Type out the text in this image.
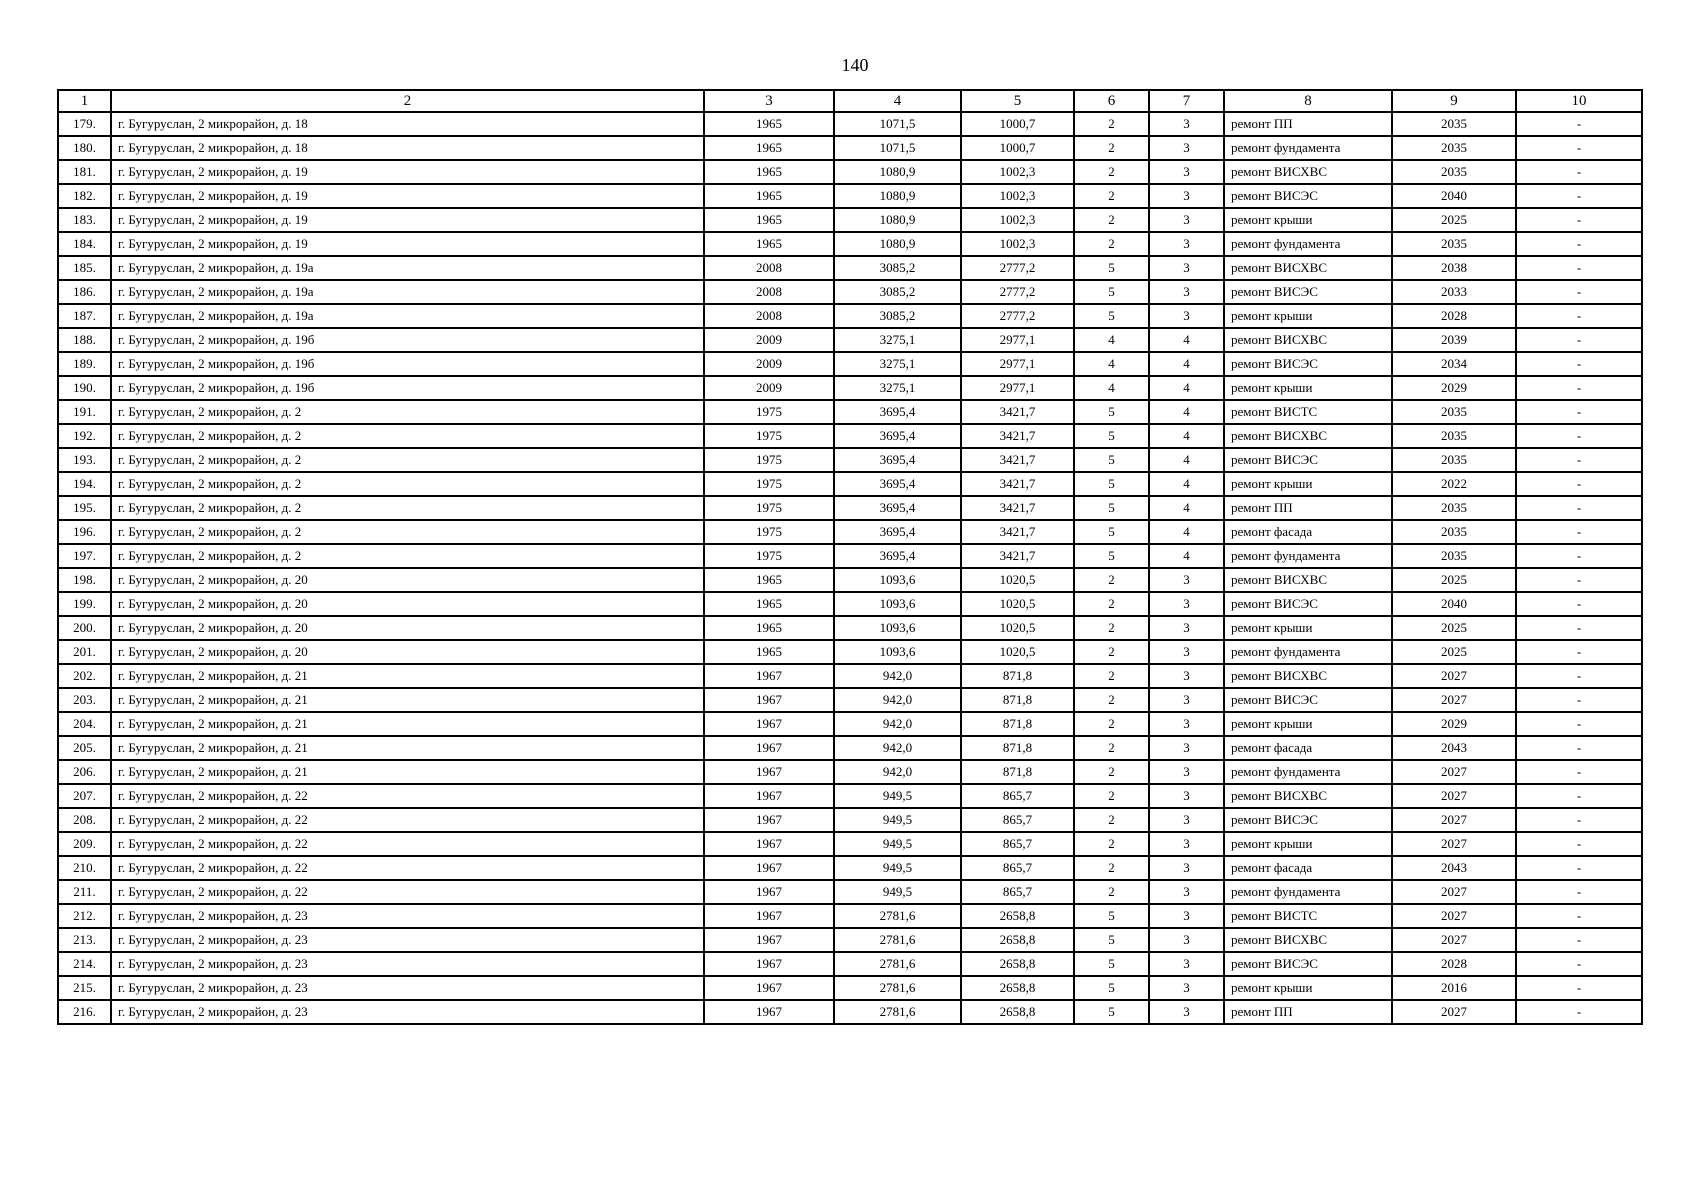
140
1	2	3	4	5	6	7	8	9	10
179.	г. Бугуруслан, 2 микрорайон, д. 18	1965	1071,5	1000,7	2	3	ремонт ПП	2035	-
180.	г. Бугуруслан, 2 микрорайон, д. 18	1965	1071,5	1000,7	2	3	ремонт фундамента	2035	-
181.	г. Бугуруслан, 2 микрорайон, д. 19	1965	1080,9	1002,3	2	3	ремонт ВИСХВС	2035	-
182.	г. Бугуруслан, 2 микрорайон, д. 19	1965	1080,9	1002,3	2	3	ремонт ВИСЭС	2040	-
183.	г. Бугуруслан, 2 микрорайон, д. 19	1965	1080,9	1002,3	2	3	ремонт крыши	2025	-
184.	г. Бугуруслан, 2 микрорайон, д. 19	1965	1080,9	1002,3	2	3	ремонт фундамента	2035	-
185.	г. Бугуруслан, 2 микрорайон, д. 19а	2008	3085,2	2777,2	5	3	ремонт ВИСХВС	2038	-
186.	г. Бугуруслан, 2 микрорайон, д. 19а	2008	3085,2	2777,2	5	3	ремонт ВИСЭС	2033	-
187.	г. Бугуруслан, 2 микрорайон, д. 19а	2008	3085,2	2777,2	5	3	ремонт крыши	2028	-
188.	г. Бугуруслан, 2 микрорайон, д. 19б	2009	3275,1	2977,1	4	4	ремонт ВИСХВС	2039	-
189.	г. Бугуруслан, 2 микрорайон, д. 19б	2009	3275,1	2977,1	4	4	ремонт ВИСЭС	2034	-
190.	г. Бугуруслан, 2 микрорайон, д. 19б	2009	3275,1	2977,1	4	4	ремонт крыши	2029	-
191.	г. Бугуруслан, 2 микрорайон, д. 2	1975	3695,4	3421,7	5	4	ремонт ВИСТС	2035	-
192.	г. Бугуруслан, 2 микрорайон, д. 2	1975	3695,4	3421,7	5	4	ремонт ВИСХВС	2035	-
193.	г. Бугуруслан, 2 микрорайон, д. 2	1975	3695,4	3421,7	5	4	ремонт ВИСЭС	2035	-
194.	г. Бугуруслан, 2 микрорайон, д. 2	1975	3695,4	3421,7	5	4	ремонт крыши	2022	-
195.	г. Бугуруслан, 2 микрорайон, д. 2	1975	3695,4	3421,7	5	4	ремонт ПП	2035	-
196.	г. Бугуруслан, 2 микрорайон, д. 2	1975	3695,4	3421,7	5	4	ремонт фасада	2035	-
197.	г. Бугуруслан, 2 микрорайон, д. 2	1975	3695,4	3421,7	5	4	ремонт фундамента	2035	-
198.	г. Бугуруслан, 2 микрорайон, д. 20	1965	1093,6	1020,5	2	3	ремонт ВИСХВС	2025	-
199.	г. Бугуруслан, 2 микрорайон, д. 20	1965	1093,6	1020,5	2	3	ремонт ВИСЭС	2040	-
200.	г. Бугуруслан, 2 микрорайон, д. 20	1965	1093,6	1020,5	2	3	ремонт крыши	2025	-
201.	г. Бугуруслан, 2 микрорайон, д. 20	1965	1093,6	1020,5	2	3	ремонт фундамента	2025	-
202.	г. Бугуруслан, 2 микрорайон, д. 21	1967	942,0	871,8	2	3	ремонт ВИСХВС	2027	-
203.	г. Бугуруслан, 2 микрорайон, д. 21	1967	942,0	871,8	2	3	ремонт ВИСЭС	2027	-
204.	г. Бугуруслан, 2 микрорайон, д. 21	1967	942,0	871,8	2	3	ремонт крыши	2029	-
205.	г. Бугуруслан, 2 микрорайон, д. 21	1967	942,0	871,8	2	3	ремонт фасада	2043	-
206.	г. Бугуруслан, 2 микрорайон, д. 21	1967	942,0	871,8	2	3	ремонт фундамента	2027	-
207.	г. Бугуруслан, 2 микрорайон, д. 22	1967	949,5	865,7	2	3	ремонт ВИСХВС	2027	-
208.	г. Бугуруслан, 2 микрорайон, д. 22	1967	949,5	865,7	2	3	ремонт ВИСЭС	2027	-
209.	г. Бугуруслан, 2 микрорайон, д. 22	1967	949,5	865,7	2	3	ремонт крыши	2027	-
210.	г. Бугуруслан, 2 микрорайон, д. 22	1967	949,5	865,7	2	3	ремонт фасада	2043	-
211.	г. Бугуруслан, 2 микрорайон, д. 22	1967	949,5	865,7	2	3	ремонт фундамента	2027	-
212.	г. Бугуруслан, 2 микрорайон, д. 23	1967	2781,6	2658,8	5	3	ремонт ВИСТС	2027	-
213.	г. Бугуруслан, 2 микрорайон, д. 23	1967	2781,6	2658,8	5	3	ремонт ВИСХВС	2027	-
214.	г. Бугуруслан, 2 микрорайон, д. 23	1967	2781,6	2658,8	5	3	ремонт ВИСЭС	2028	-
215.	г. Бугуруслан, 2 микрорайон, д. 23	1967	2781,6	2658,8	5	3	ремонт крыши	2016	-
216.	г. Бугуруслан, 2 микрорайон, д. 23	1967	2781,6	2658,8	5	3	ремонт ПП	2027	-
